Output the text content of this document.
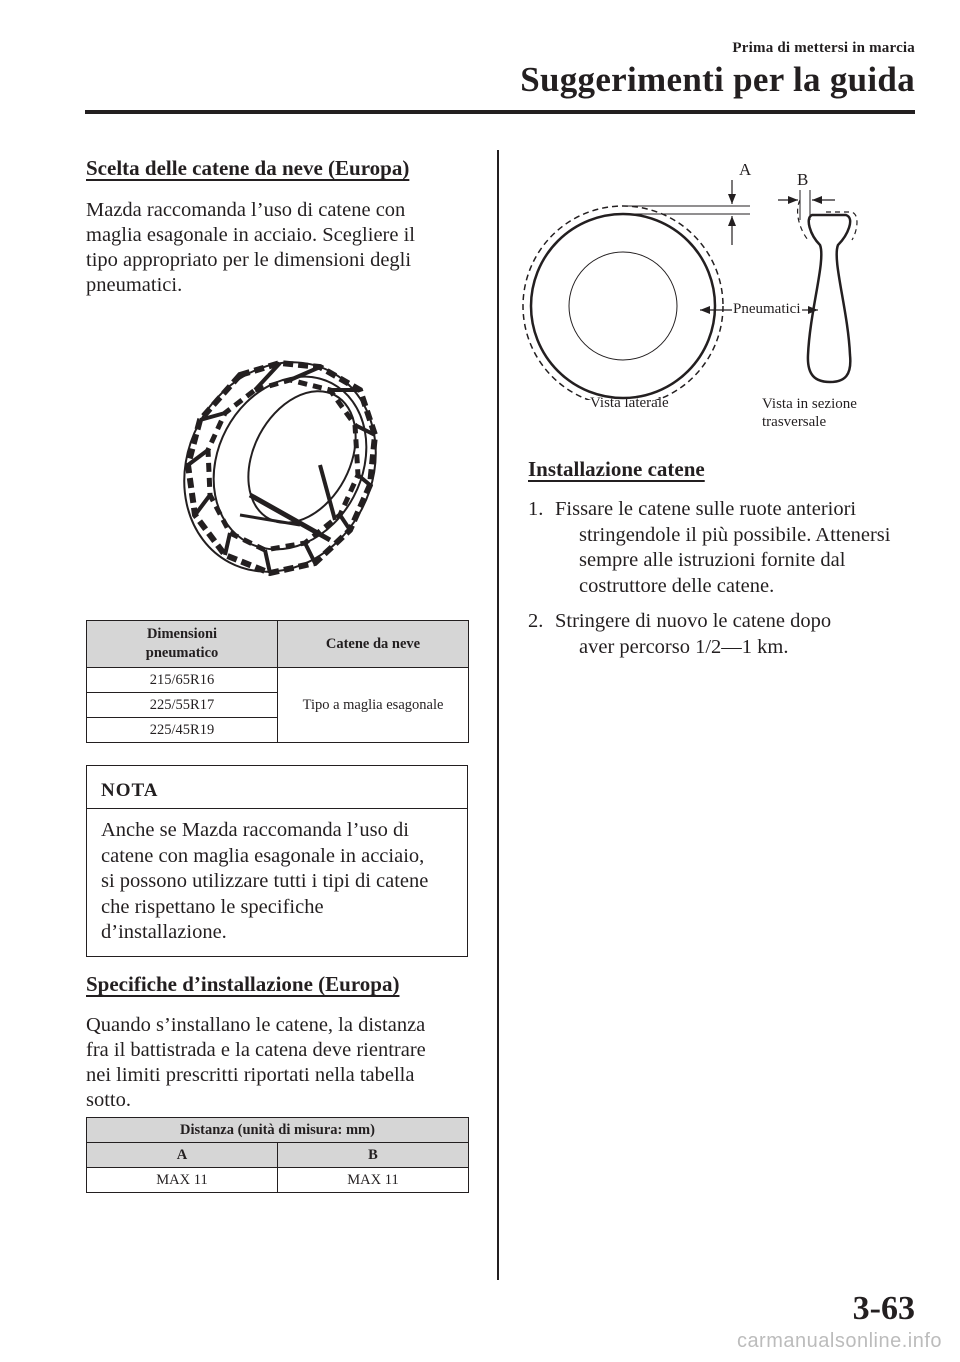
Prima di mettersi in marcia
Suggerimenti per la guida
Scelta delle catene da neve (Europa)
Mazda raccomanda l’uso di catene con
maglia esagonale in acciaio. Scegliere il
tipo appropriato per le dimensioni degli
pneumatici.
Dimensioni
pneumatico	Catene da neve
215/65R16	Tipo a maglia esagonale
225/55R17	
225/45R19	
NOTA
Anche se Mazda raccomanda l’uso di
catene con maglia esagonale in acciaio,
si possono utilizzare tutti i tipi di catene
che rispettano le specifiche
d’installazione.
Specifiche d’installazione (Europa)
Quando s’installano le catene, la distanza
fra il battistrada e la catena deve rientrare
nei limiti prescritti riportati nella tabella
sotto.
Distanza (unità di misura: mm)	
A	B
MAX 11	MAX 11
A
B
Pneumatici
Vista laterale	Vista in sezione
trasversale
Installazione catene
1. Fissare le catene sulle ruote anteriori
stringendole il più possibile. Attenersi
sempre alle istruzioni fornite dal
costruttore delle catene.
2. Stringere di nuovo le catene dopo
aver percorso 1/2—1 km.
3-63
carmanualsonline.info
